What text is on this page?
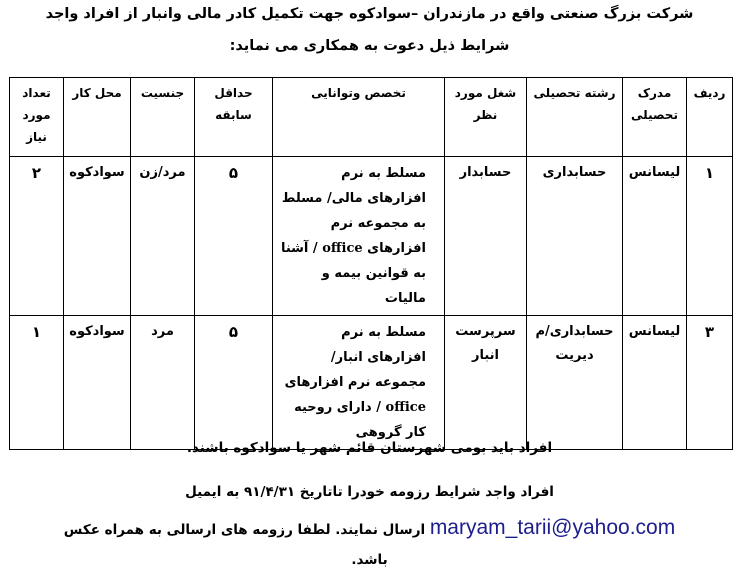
شرکت بزرگ صنعتی واقع در مازندران –سوادکوه جهت تکمیل کادر مالی وانبار از افراد واجد
شرایط ذیل دعوت به همکاری می نماید:
ردیف	مدرک تحصیلی	رشته تحصیلی	شغل مورد نظر	تخصص وتوانایی	حداقل سابقه	جنسیت	محل کار	تعداد مورد نیاز
۱	لیسانس	حسابداری	حسابدار	مسلط به نرم افزارهای مالی/ مسلط به مجموعه نرم افزارهای office / آشنا به قوانین بیمه و مالیات	۵	مرد/زن	سوادکوه	۲
۳	لیسانس	حسابداری/م دیریت	سرپرست انبار	مسلط به نرم افزارهای انبار/ مجموعه نرم افزارهای office / دارای روحیه کار گروهی	۵	مرد	سوادکوه	۱
افراد باید بومی شهرستان قائم شهر یا سوادکوه باشند.
افراد واجد شرایط رزومه خودرا تاتاریخ ۹۱/۴/۳۱ به ایمیل
maryam_tarii@yahoo.com ارسال نمایند. لطفا رزومه های ارسالی به همراه عکس
باشد.
